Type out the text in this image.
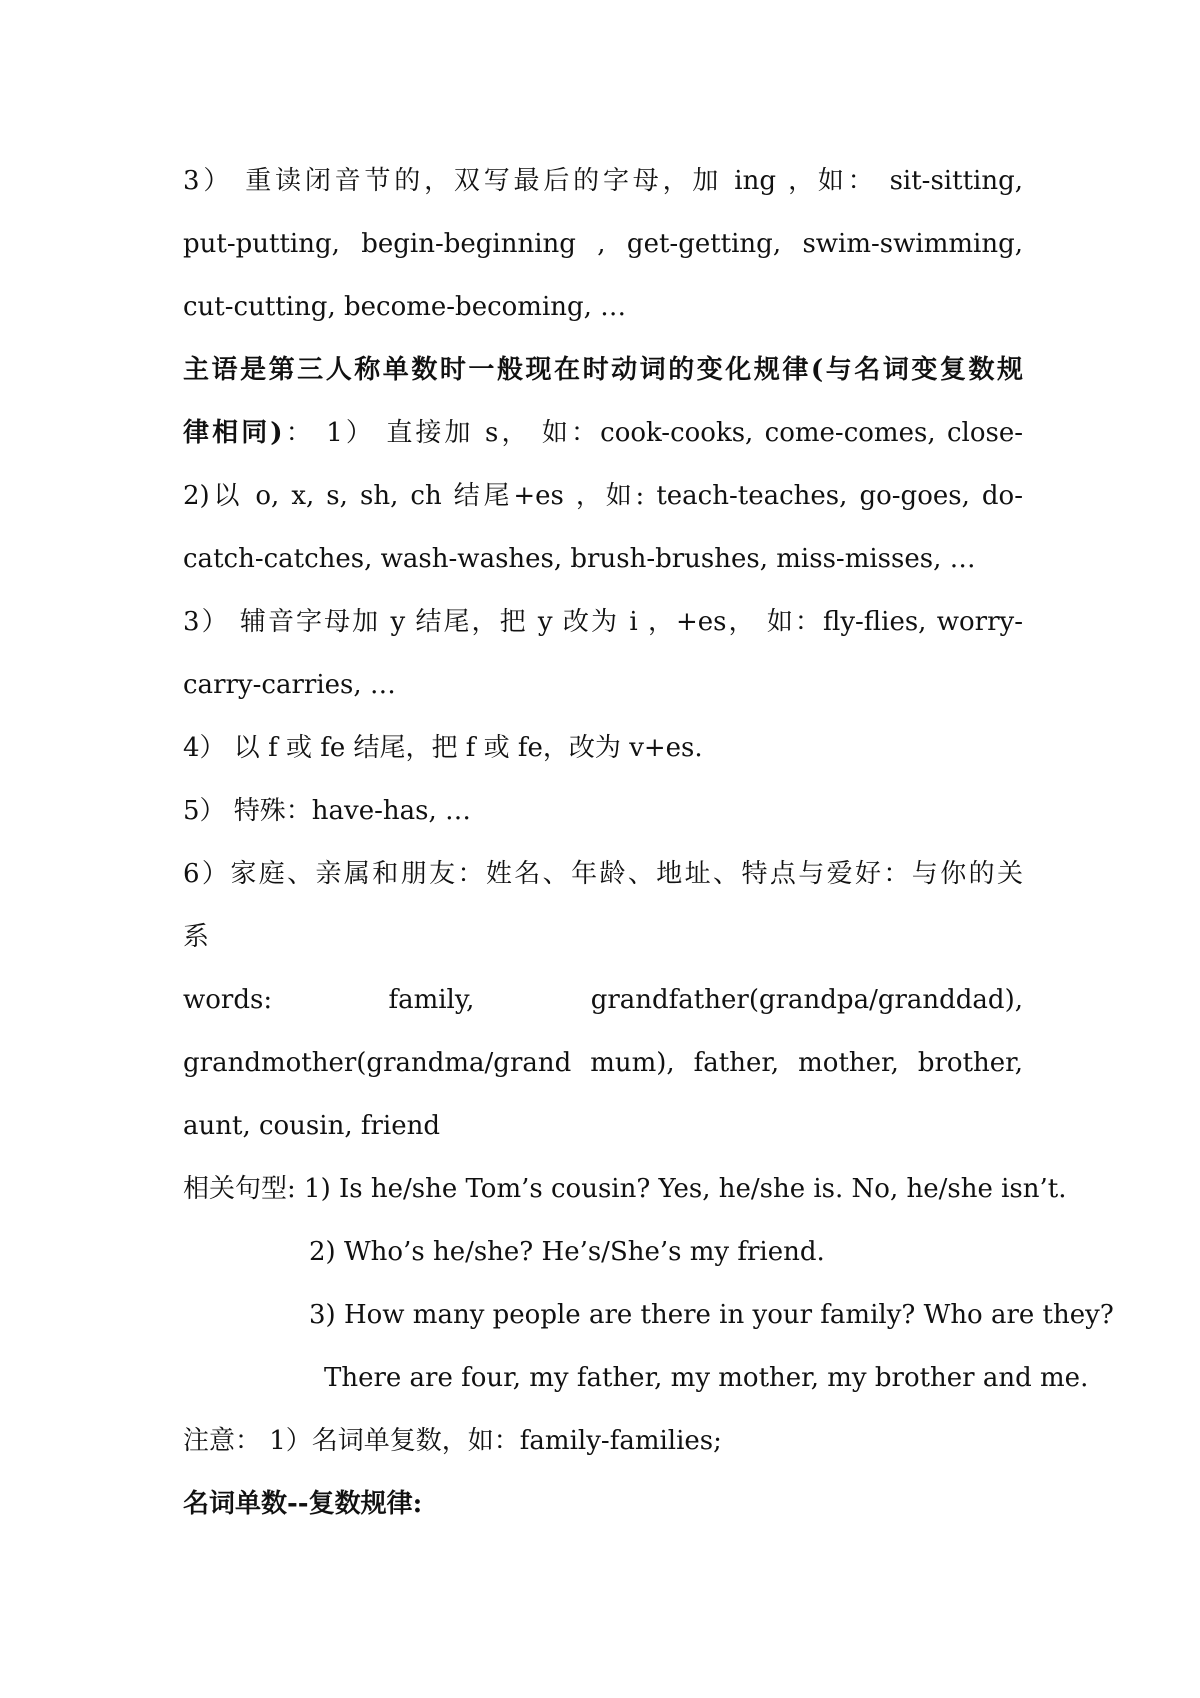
3） 重读闭音节的，双写最后的字母，加 ing ，如： sit-sitting,
put-putting, begin-beginning , get-getting, swim-swimming,
cut-cutting, become-becoming, …
主语是第三人称单数时一般现在时动词的变化规律(与名词变复数规
律相同)： 1） 直接加 s， 如：cook-cooks, come-comes, close-
2)以 o, x, s, sh, ch 结尾+es ，如: teach-teaches, go-goes, do-
catch-catches, wash-washes, brush-brushes, miss-misses, …
3） 辅音字母加 y 结尾，把 y 改为 i ，+es， 如：fly-flies, worry-
carry-carries, …
4） 以 f 或 fe 结尾，把 f 或 fe，改为 v+es.
5） 特殊：have-has, …
6）家庭、亲属和朋友：姓名、年龄、地址、特点与爱好：与你的关
系
words: family, grandfather(grandpa/granddad),
grandmother(grandma/grand mum), father, mother, brother,
aunt, cousin, friend
相关句型: 1) Is he/she Tom’s cousin? Yes, he/she is. No, he/she isn’t.
2) Who’s he/she? He’s/She’s my friend.
3) How many people are there in your family? Who are they?
There are four, my father, my mother, my brother and me.
注意： 1）名词单复数，如：family-families;
名词单数--复数规律:
